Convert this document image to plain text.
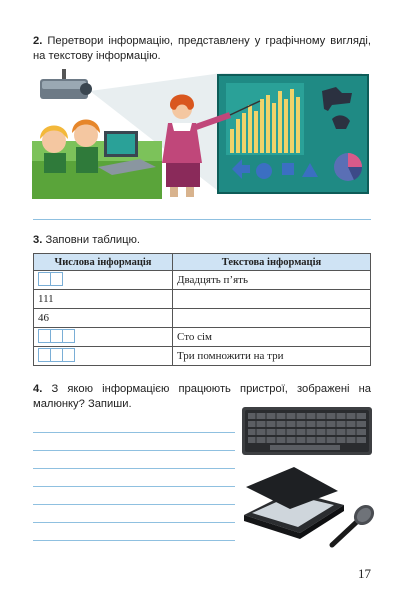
2. Перетвори інформацію, представлену у графічному вигляді, на текстову інформацію.
3. Заповни таблицю.
Числова інформація	Текстова інформація

	Двадцять п’ять
111	
46	

	Сто сім

	Три помножити на три
4. З якою інформацією працюють пристрої, зображені на малюнку? Запиши.
17
